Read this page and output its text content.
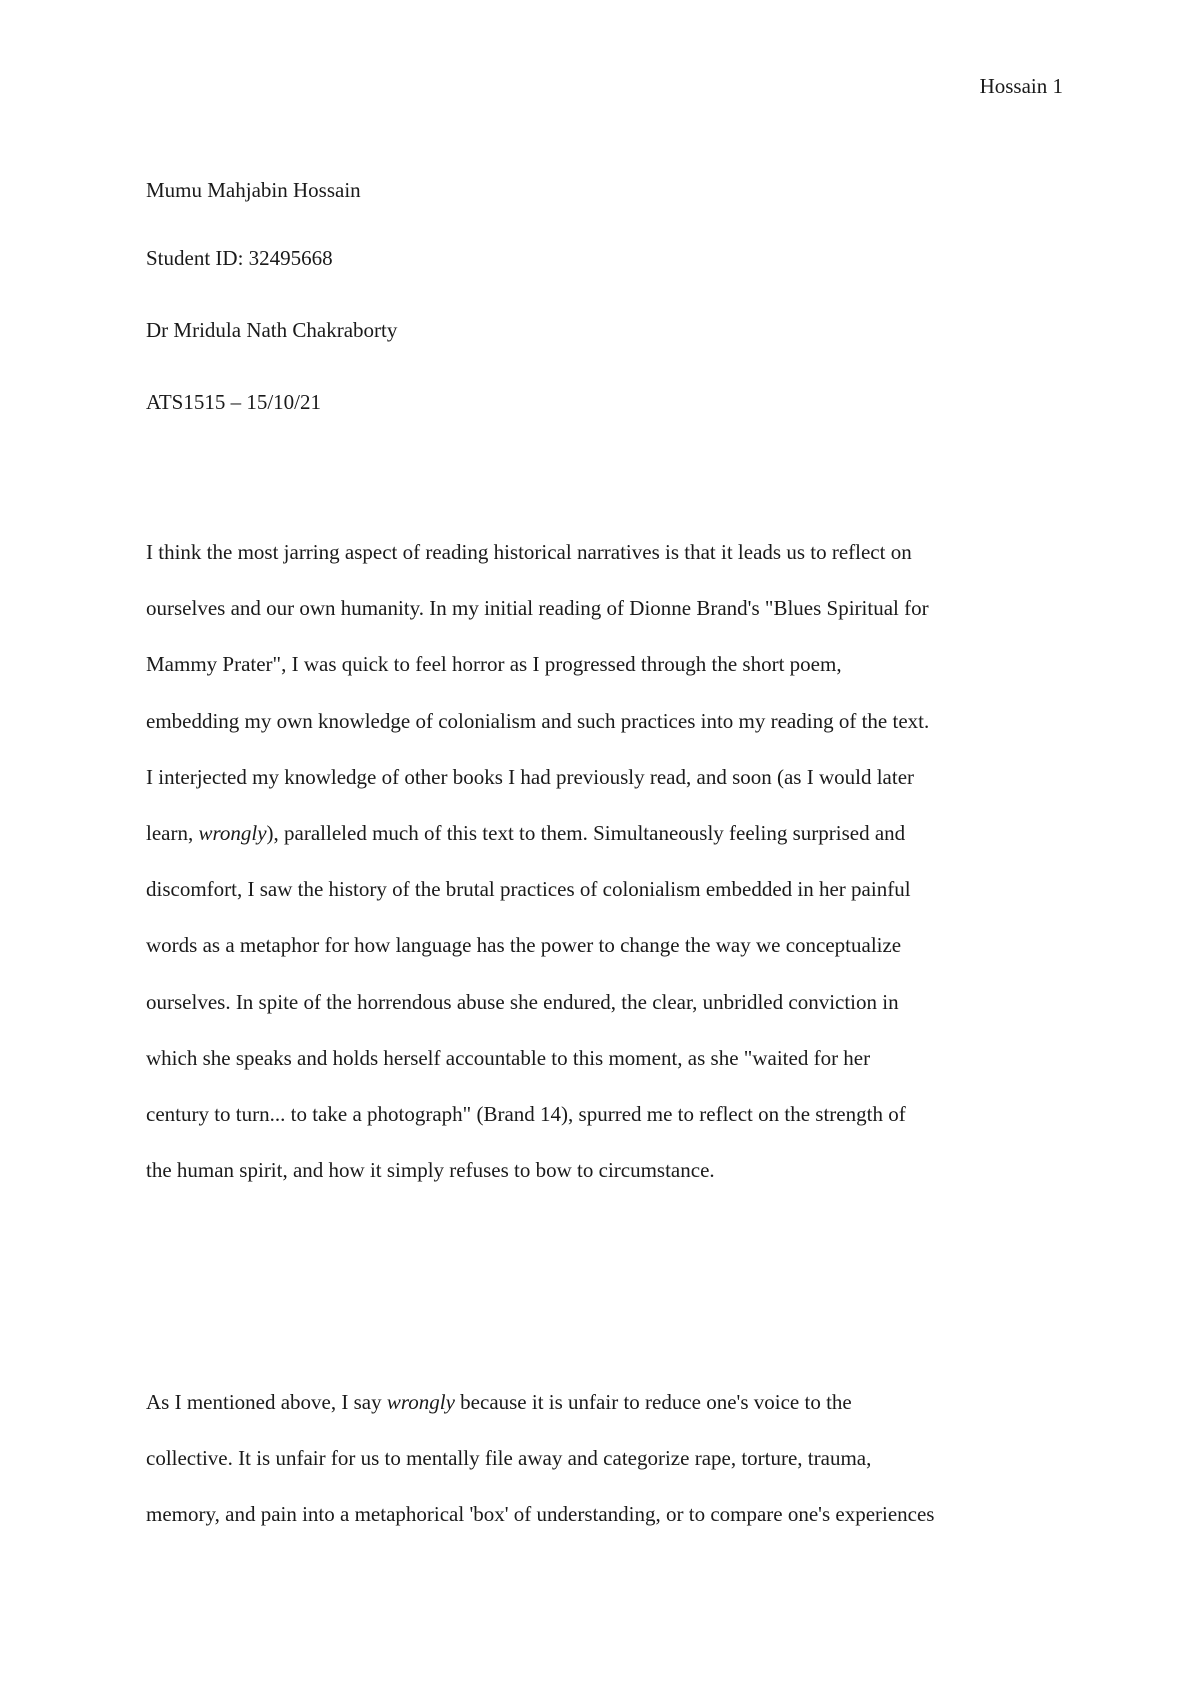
Hossain 1
Mumu Mahjabin Hossain
Student ID: 32495668
Dr Mridula Nath Chakraborty
ATS1515 – 15/10/21
I think the most jarring aspect of reading historical narratives is that it leads us to reflect on
ourselves and our own humanity. In my initial reading of Dionne Brand's "Blues Spiritual for
Mammy Prater", I was quick to feel horror as I progressed through the short poem,
embedding my own knowledge of colonialism and such practices into my reading of the text.
I interjected my knowledge of other books I had previously read, and soon (as I would later
learn, wrongly), paralleled much of this text to them. Simultaneously feeling surprised and
discomfort, I saw the history of the brutal practices of colonialism embedded in her painful
words as a metaphor for how language has the power to change the way we conceptualize
ourselves. In spite of the horrendous abuse she endured, the clear, unbridled conviction in
which she speaks and holds herself accountable to this moment, as she "waited for her
century to turn... to take a photograph" (Brand 14), spurred me to reflect on the strength of
the human spirit, and how it simply refuses to bow to circumstance.
As I mentioned above, I say wrongly because it is unfair to reduce one's voice to the
collective. It is unfair for us to mentally file away and categorize rape, torture, trauma,
memory, and pain into a metaphorical 'box' of understanding, or to compare one's experiences
